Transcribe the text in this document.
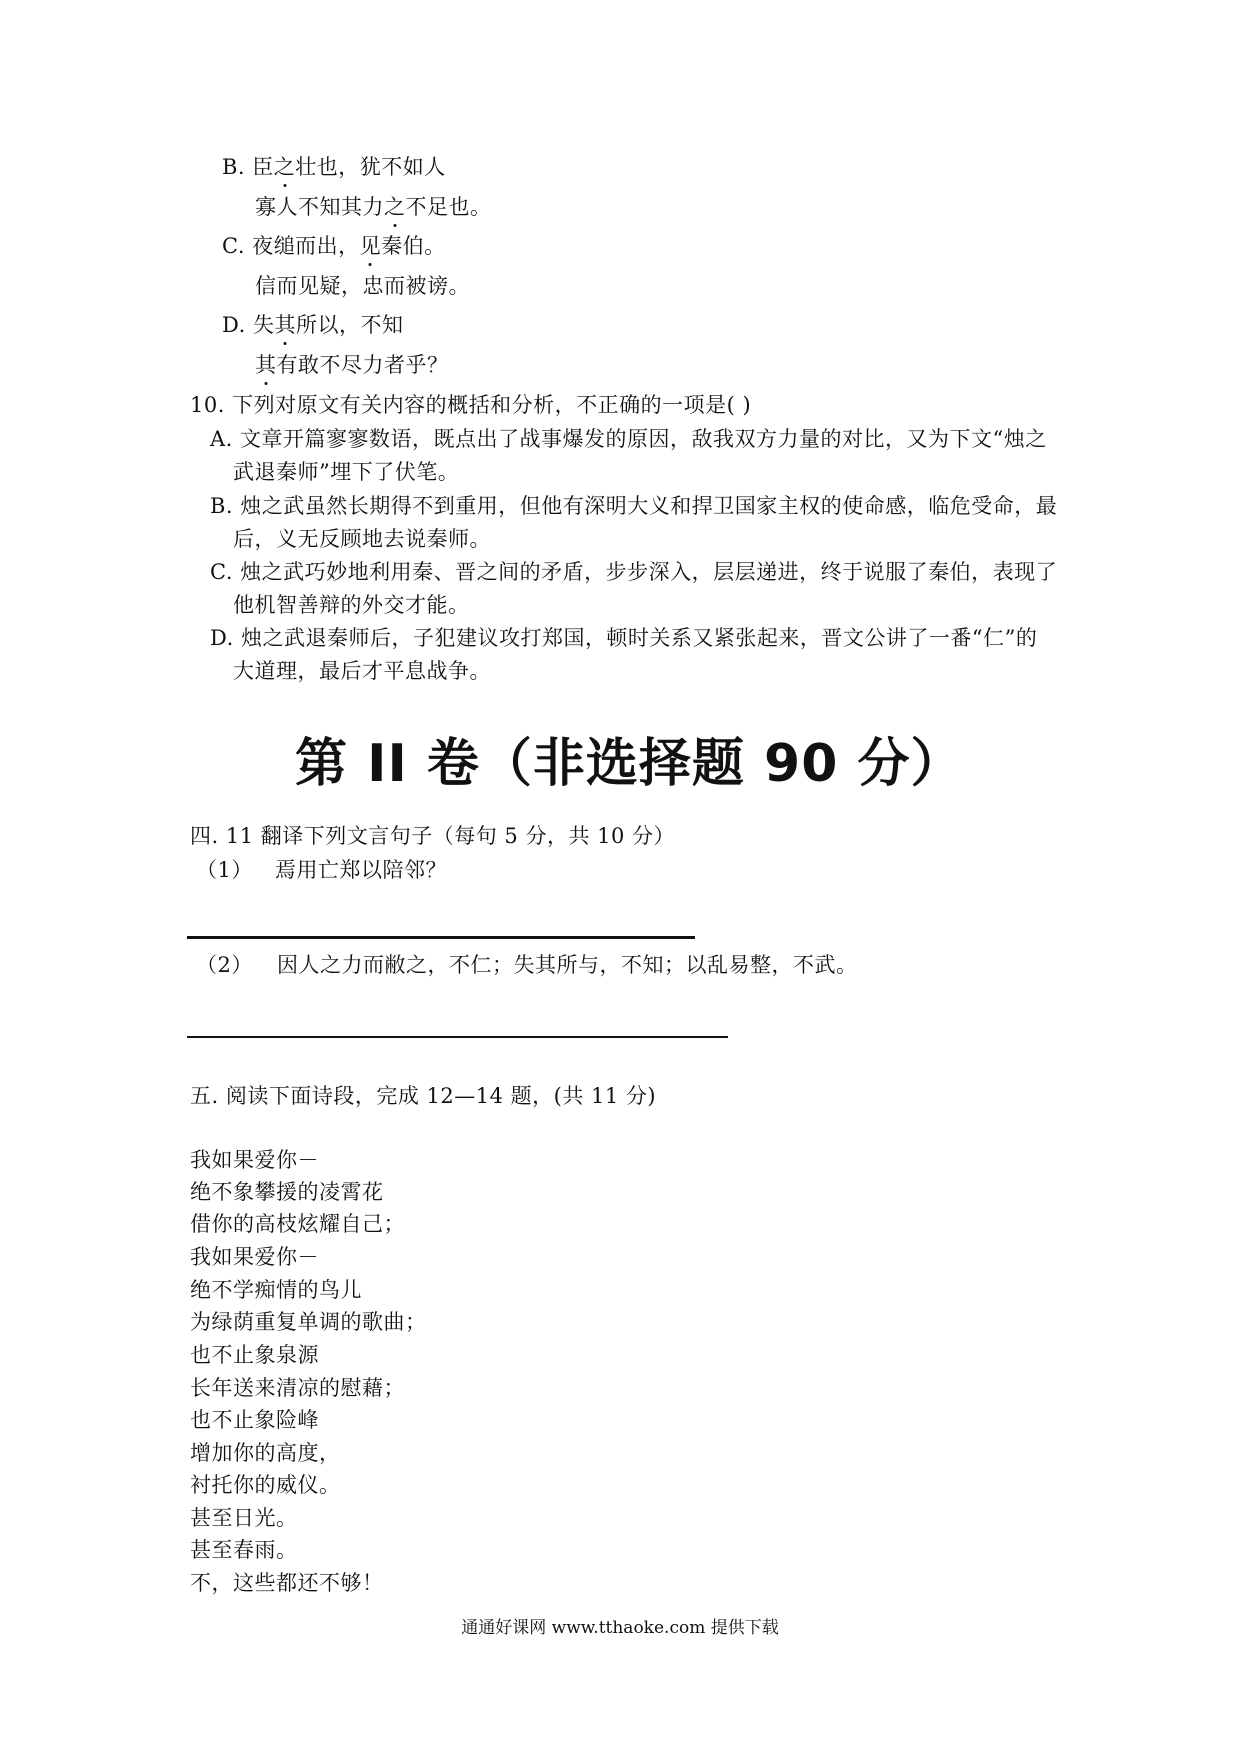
B. 臣之壮也，犹不如人
寡人不知其力之不足也。
C. 夜缒而出，见秦伯。
信而见疑，忠而被谤。
D. 失其所以，不知
其有敢不尽力者乎？
10. 下列对原文有关内容的概括和分析，不正确的一项是( )
A. 文章开篇寥寥数语，既点出了战事爆发的原因，敌我双方力量的对比，又为下文“烛之
武退秦师”埋下了伏笔。
B. 烛之武虽然长期得不到重用，但他有深明大义和捍卫国家主权的使命感，临危受命，最
后，义无反顾地去说秦师。
C. 烛之武巧妙地利用秦、晋之间的矛盾，步步深入，层层递进，终于说服了秦伯，表现了
他机智善辩的外交才能。
D. 烛之武退秦师后，子犯建议攻打郑国，顿时关系又紧张起来，晋文公讲了一番“仁”的
大道理，最后才平息战争。
第 II 卷（非选择题 90 分）
四. 11 翻译下列文言句子（每句 5 分，共 10 分）
（1） 焉用亡郑以陪邻？
（2） 因人之力而敝之，不仁；失其所与，不知；以乱易整，不武。
五. 阅读下面诗段，完成 12—14 题，(共 11 分)
我如果爱你－
绝不象攀援的凌霄花
借你的高枝炫耀自己；
我如果爱你－
绝不学痴情的鸟儿
为绿荫重复单调的歌曲；
也不止象泉源
长年送来清凉的慰藉；
也不止象险峰
增加你的高度，
衬托你的威仪。
甚至日光。
甚至春雨。
不，这些都还不够！
通通好课网 www.tthaoke.com 提供下载
